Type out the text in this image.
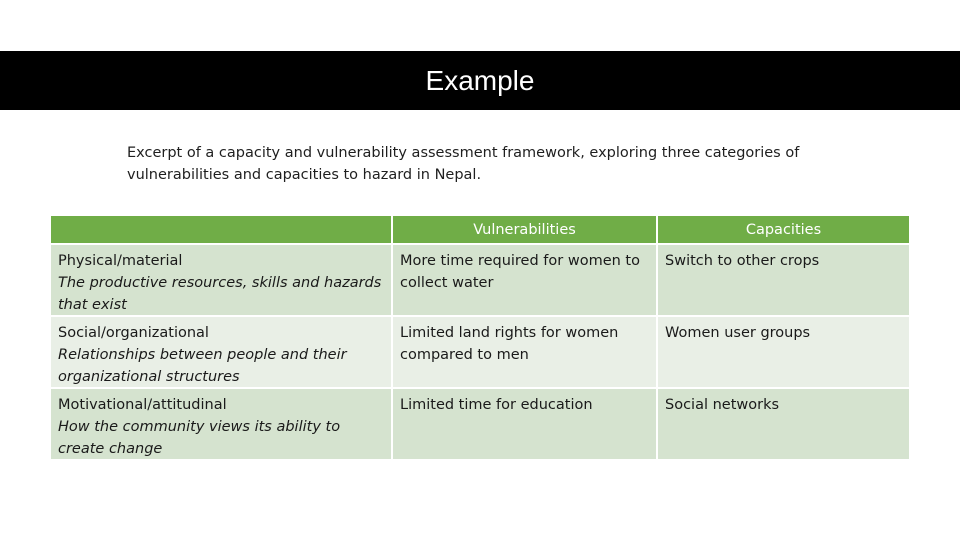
Example
Excerpt of a capacity and vulnerability assessment framework, exploring three categories of vulnerabilities and capacities to hazard in Nepal.
Vulnerabilities	Capacities
Physical/material
The productive resources, skills and hazards that exist
More time required for women to collect water
Switch to other crops
Social/organizational
Relationships between people and their organizational structures
Limited land rights for women compared to men
Women user groups
Motivational/attitudinal
How the community views its ability to create change
Limited time for education	Social networks
